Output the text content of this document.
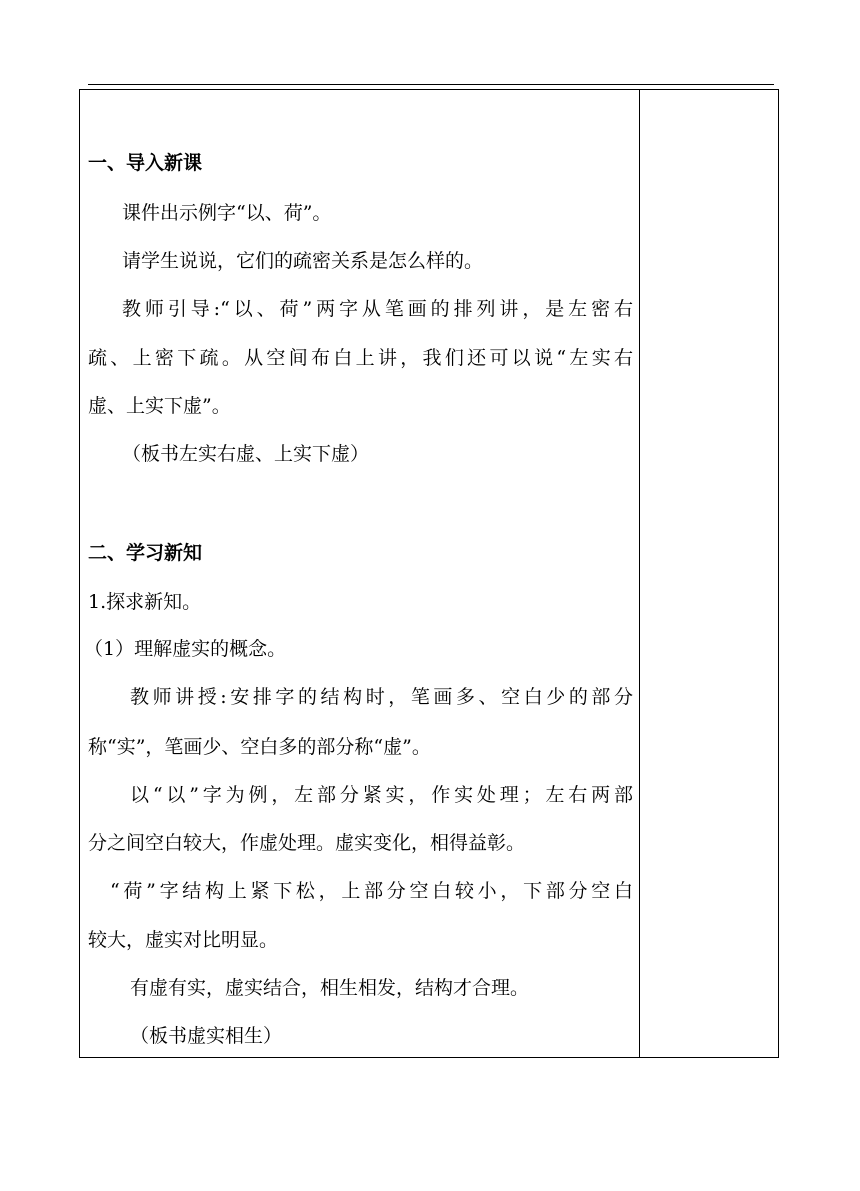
一、导入新课
课件出示例字“以、荷”。
请学生说说，它们的疏密关系是怎么样的。
教师引导:“以、荷”两字从笔画的排列讲，是左密右
疏、上密下疏。从空间布白上讲，我们还可以说“左实右
虚、上实下虚”。
（板书左实右虚、上实下虚）
二、学习新知
1.探求新知。
（1）理解虚实的概念。
教师讲授:安排字的结构时，笔画多、空白少的部分
称“实”，笔画少、空白多的部分称“虚”。
以“以”字为例，左部分紧实，作实处理；左右两部
分之间空白较大，作虚处理。虚实变化，相得益彰。
“荷”字结构上紧下松，上部分空白较小，下部分空白
较大，虚实对比明显。
有虚有实，虚实结合，相生相发，结构才合理。
（板书虚实相生）
